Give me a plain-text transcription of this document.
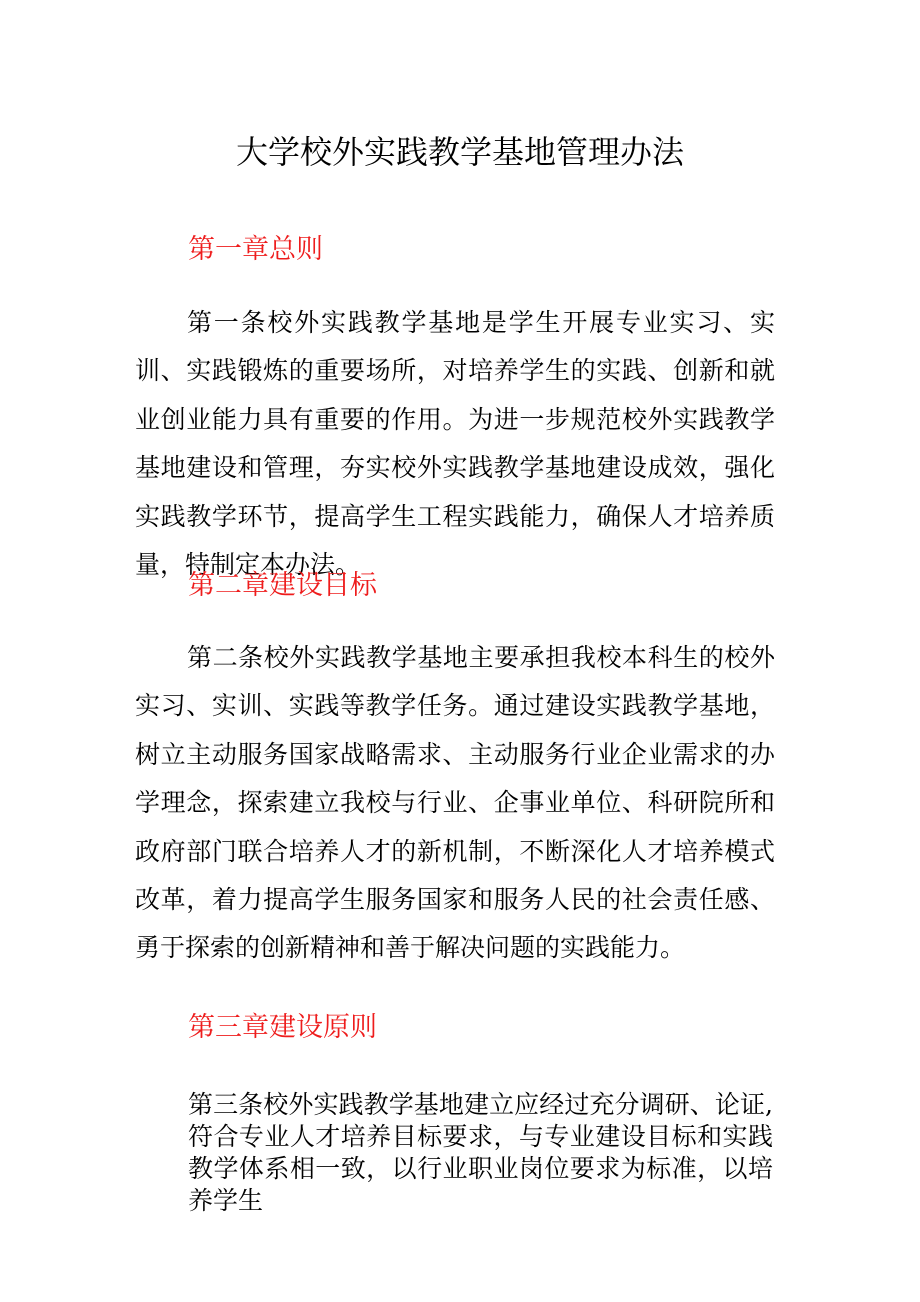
大学校外实践教学基地管理办法
第一章总则
第一条校外实践教学基地是学生开展专业实习、实训、实践锻炼的重要场所，对培养学生的实践、创新和就业创业能力具有重要的作用。为进一步规范校外实践教学基地建设和管理，夯实校外实践教学基地建设成效，强化实践教学环节，提高学生工程实践能力，确保人才培养质量，特制定本办法。
第二章建设目标
第二条校外实践教学基地主要承担我校本科生的校外实习、实训、实践等教学任务。通过建设实践教学基地，树立主动服务国家战略需求、主动服务行业企业需求的办学理念，探索建立我校与行业、企事业单位、科研院所和政府部门联合培养人才的新机制，不断深化人才培养模式改革，着力提高学生服务国家和服务人民的社会责任感、勇于探索的创新精神和善于解决问题的实践能力。
第三章建设原则
第三条校外实践教学基地建立应经过充分调研、论证,符合专业人才培养目标要求，与专业建设目标和实践教学体系相一致，以行业职业岗位要求为标准，以培养学生
